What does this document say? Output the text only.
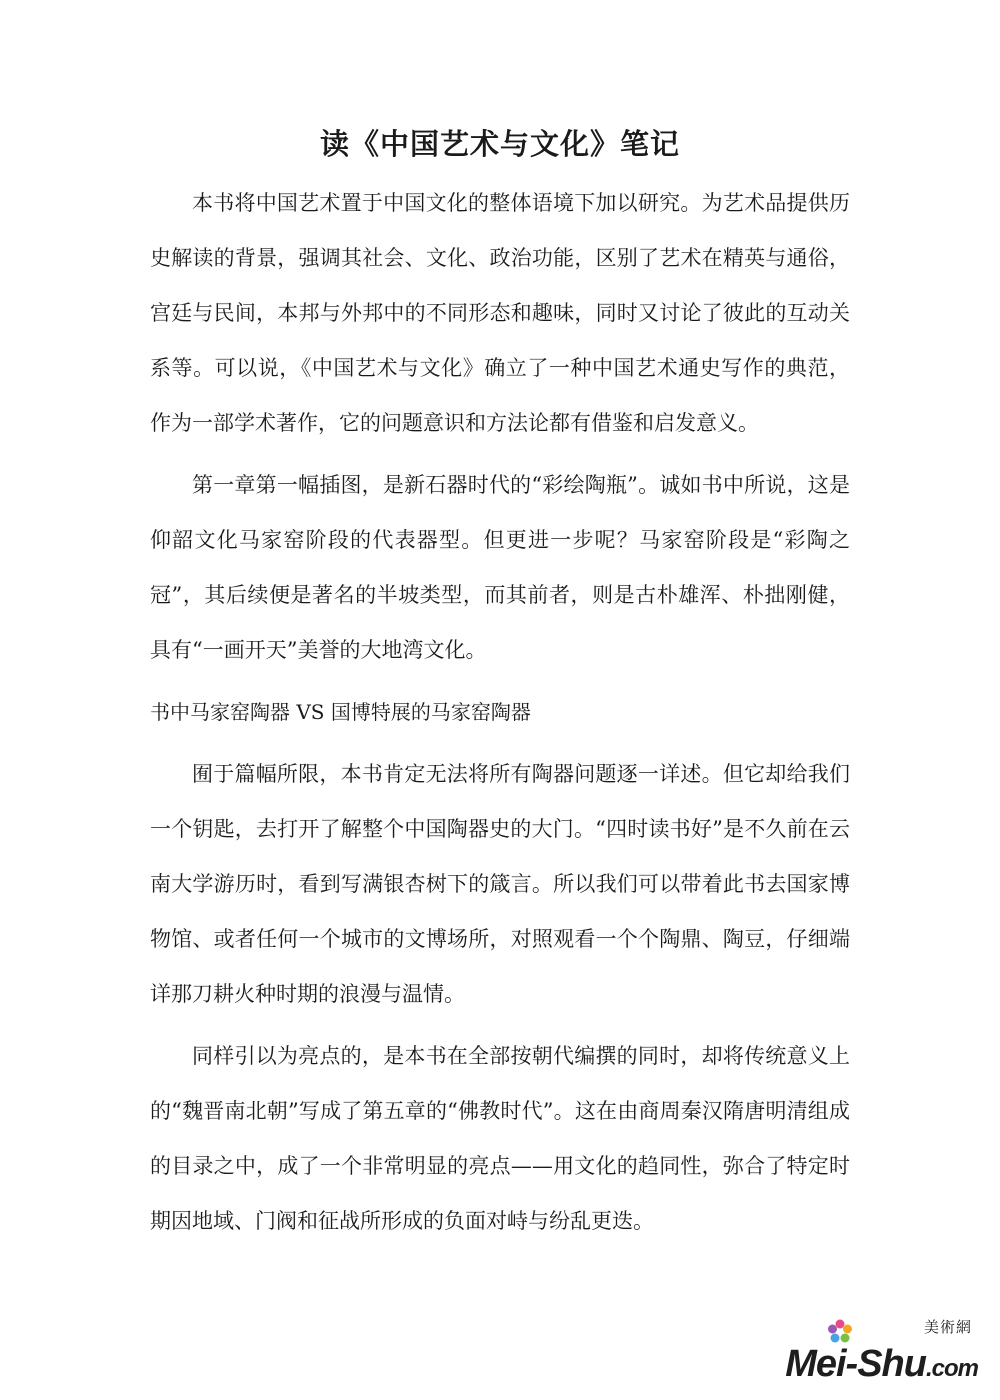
读《中国艺术与文化》笔记

本书将中国艺术置于中国文化的整体语境下加以研究。为艺术品提供历史解读的背景，强调其社会、文化、政治功能，区别了艺术在精英与通俗，宫廷与民间，本邦与外邦中的不同形态和趣味，同时又讨论了彼此的互动关系等。可以说，《中国艺术与文化》确立了一种中国艺术通史写作的典范，作为一部学术著作，它的问题意识和方法论都有借鉴和启发意义。

第一章第一幅插图，是新石器时代的“彩绘陶瓶”。诚如书中所说，这是仰韶文化马家窑阶段的代表器型。但更进一步呢？马家窑阶段是“彩陶之冠”，其后续便是著名的半坡类型，而其前者，则是古朴雄浑、朴拙刚健，具有“一画开天”美誉的大地湾文化。

书中马家窑陶器 VS 国博特展的马家窑陶器

囿于篇幅所限，本书肯定无法将所有陶器问题逐一详述。但它却给我们一个钥匙，去打开了解整个中国陶器史的大门。“四时读书好”是不久前在云南大学游历时，看到写满银杏树下的箴言。所以我们可以带着此书去国家博物馆、或者任何一个城市的文博场所，对照观看一个个陶鼎、陶豆，仔细端详那刀耕火种时期的浪漫与温情。

同样引以为亮点的，是本书在全部按朝代编撰的同时，却将传统意义上的“魏晋南北朝”写成了第五章的“佛教时代”。这在由商周秦汉隋唐明清组成的目录之中，成了一个非常明显的亮点——用文化的趋同性，弥合了特定时期因地域、门阀和征战所形成的负面对峙与纷乱更迭。

美術網
Mei-Shu.com
